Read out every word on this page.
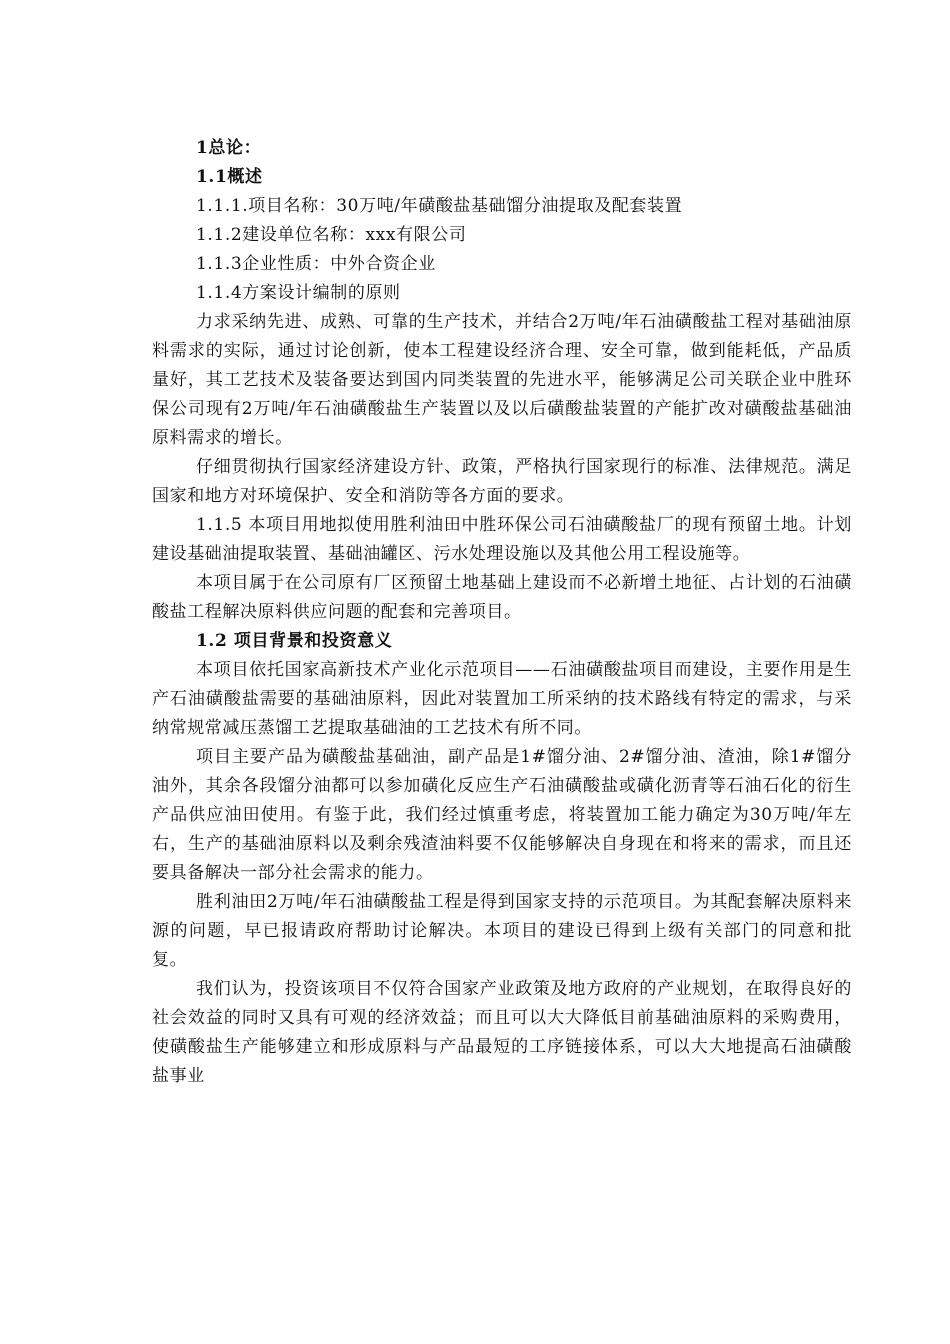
1总论：
1.1概述
1.1.1.项目名称：30万吨/年磺酸盐基础馏分油提取及配套装置
1.1.2建设单位名称：xxx有限公司
1.1.3企业性质：中外合资企业
1.1.4方案设计编制的原则

力求采纳先进、成熟、可靠的生产技术，并结合2万吨/年石油磺酸盐工程对基础油原料需求的实际，通过讨论创新，使本工程建设经济合理、安全可靠，做到能耗低，产品质量好，其工艺技术及装备要达到国内同类装置的先进水平，能够满足公司关联企业中胜环保公司现有2万吨/年石油磺酸盐生产装置以及以后磺酸盐装置的产能扩改对磺酸盐基础油原料需求的增长。

仔细贯彻执行国家经济建设方针、政策，严格执行国家现行的标准、法律规范。满足国家和地方对环境保护、安全和消防等各方面的要求。

1.1.5 本项目用地拟使用胜利油田中胜环保公司石油磺酸盐厂的现有预留土地。计划建设基础油提取装置、基础油罐区、污水处理设施以及其他公用工程设施等。

本项目属于在公司原有厂区预留土地基础上建设而不必新增土地征、占计划的石油磺酸盐工程解决原料供应问题的配套和完善项目。

1.2 项目背景和投资意义

本项目依托国家高新技术产业化示范项目——石油磺酸盐项目而建设，主要作用是生产石油磺酸盐需要的基础油原料，因此对装置加工所采纳的技术路线有特定的需求，与采纳常规常减压蒸馏工艺提取基础油的工艺技术有所不同。

项目主要产品为磺酸盐基础油，副产品是1#馏分油、2#馏分油、渣油，除1#馏分油外，其余各段馏分油都可以参加磺化反应生产石油磺酸盐或磺化沥青等石油石化的衍生产品供应油田使用。有鉴于此，我们经过慎重考虑，将装置加工能力确定为30万吨/年左右，生产的基础油原料以及剩余残渣油料要不仅能够解决自身现在和将来的需求，而且还要具备解决一部分社会需求的能力。

胜利油田2万吨/年石油磺酸盐工程是得到国家支持的示范项目。为其配套解决原料来源的问题，早已报请政府帮助讨论解决。本项目的建设已得到上级有关部门的同意和批复。

我们认为，投资该项目不仅符合国家产业政策及地方政府的产业规划，在取得良好的社会效益的同时又具有可观的经济效益；而且可以大大降低目前基础油原料的采购费用，使磺酸盐生产能够建立和形成原料与产品最短的工序链接体系，可以大大地提高石油磺酸盐事业
